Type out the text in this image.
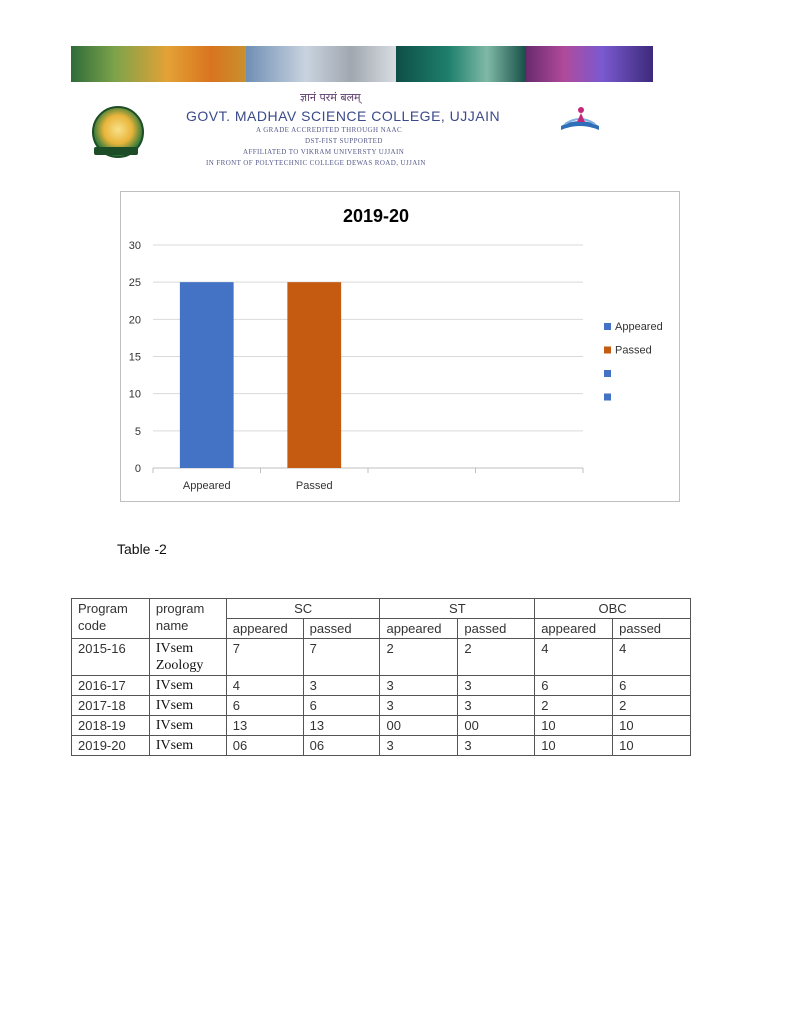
ज्ञानं परमं बलम्
GOVT. MADHAV SCIENCE COLLEGE, UJJAIN
A GRADE ACCREDITED THROUGH NAAC
DST-FIST SUPPORTED
AFFILIATED TO VIKRAM UNIVERSTY UJJAIN
IN FRONT OF POLYTECHNIC COLLEGE DEWAS ROAD, UJJAIN
2019-20
0
5
10
15
20
25
30
Appeared	Passed
Appeared
Passed
Table -2
Program code	program name	SC		ST		OBC	
		appeared	passed	appeared	passed	appeared	passed
2015-16	IVsem Zoology	7	7	2	2	4	4
2016-17	IVsem	4	3	3	3	6	6
2017-18	IVsem	6	6	3	3	2	2
2018-19	IVsem	13	13	00	00	10	10
2019-20	IVsem	06	06	3	3	10	10
